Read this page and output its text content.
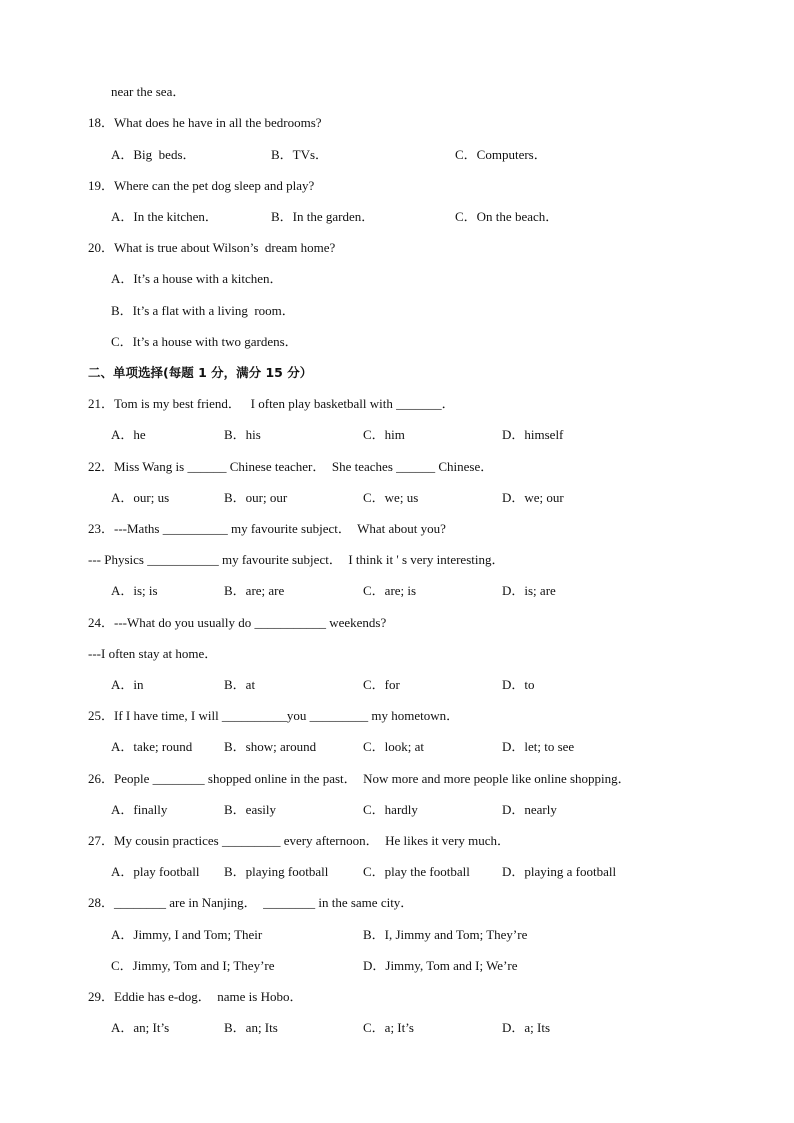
near the sea．
18．What does he have in all the bedrooms?
A．Big  beds．	B．TVs．	C．Computers．
19．Where can the pet dog sleep and play?
A．In the kitchen．	B．In the garden．	C．On the beach．
20．What is true about Wilson’s  dream home?
A．It’s a house with a kitchen．
B．It’s a flat with a living  room．
C．It’s a house with two gardens．
二、单项选择(每题 1 分，满分 15 分）
21．Tom is my best friend．   I often play basketball with _______．
A．he	B．his	C．him	D．himself
22．Miss Wang is ______ Chinese teacher．  She teaches ______ Chinese．
A．our; us	B．our; our	C．we; us	D．we; our
23．---Maths __________ my favourite subject．  What about you?
--- Physics ___________ my favourite subject．  I think it ' s very interesting．
A．is; is	B．are; are	C．are; is	D．is; are
24．---What do you usually do ___________ weekends?
---I often stay at home．
A．in	B．at	C．for	D．to
25．If I have time, I will __________you _________ my hometown．
A．take; round B．show; around	C．look; at	D．let; to see
26．People ________ shopped online in the past．  Now more and more people like online shopping．
A．finally	B．easily	C．hardly	D．nearly
27．My cousin practices _________ every afternoon．  He likes it very much．
A．play football B．playing football	C．play the football D．playing a football
28．________ are in Nanjing．  ________ in the same city．
A．Jimmy, I and Tom; Their	B．I, Jimmy and Tom; They’re
C．Jimmy, Tom and I; They’re	D．Jimmy, Tom and I; We’re
29．Eddie has e-dog．  name is Hobo．
A．an; It’s	B．an; Its	C．a; It’s	D．a; Its
